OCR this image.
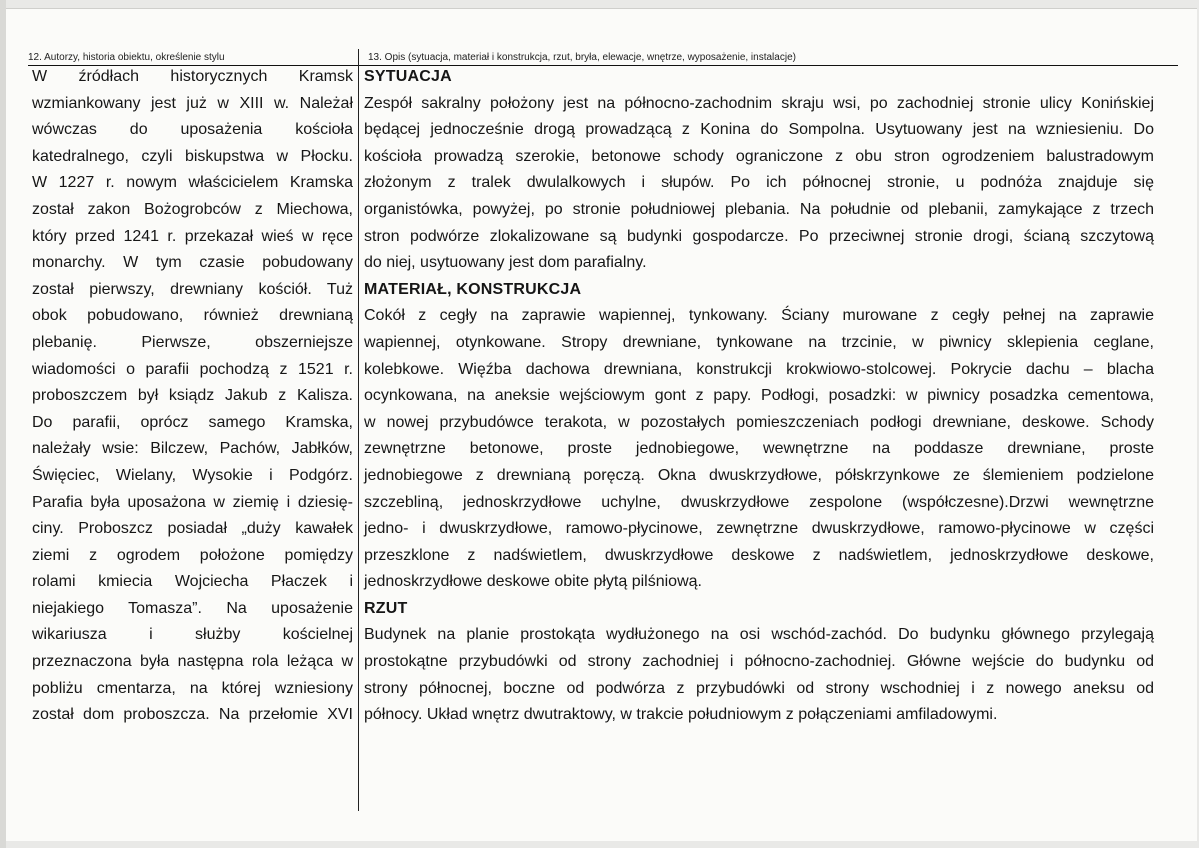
12. Autorzy, historia obiektu, określenie stylu	13. Opis (sytuacja, materiał i konstrukcja, rzut, bryła, elewacje, wnętrze, wyposażenie, instalacje)
W źródłach historycznych Kramsk
wzmiankowany jest już w XIII w. Należał
wówczas do uposażenia kościoła
katedralnego, czyli biskupstwa w Płocku.
W 1227 r. nowym właścicielem Kramska
został zakon Bożogrobców z Miechowa,
który przed 1241 r. przekazał wieś w ręce
monarchy. W tym czasie pobudowany
został pierwszy, drewniany kościół. Tuż
obok pobudowano, również drewnianą
plebanię. Pierwsze, obszerniejsze
wiadomości o parafii pochodzą z 1521 r.
proboszczem był ksiądz Jakub z Kalisza.
Do parafii, oprócz samego Kramska,
należały wsie: Bilczew, Pachów, Jabłków,
Święciec, Wielany, Wysokie i Podgórz.
Parafia była uposażona w ziemię i dziesię-
ciny. Proboszcz posiadał „duży kawałek
ziemi z ogrodem położone pomiędzy
rolami kmiecia Wojciecha Płaczek i
niejakiego Tomasza”. Na uposażenie
wikariusza i służby kościelnej
przeznaczona była następna rola leżąca w
pobliżu cmentarza, na której wzniesiony
został dom proboszcza. Na przełomie XVI
SYTUACJA
Zespół sakralny położony jest na północno-zachodnim skraju wsi, po zachodniej stronie ulicy Konińskiej
będącej jednocześnie drogą prowadzącą z Konina do Sompolna. Usytuowany jest na wzniesieniu. Do
kościoła prowadzą szerokie, betonowe schody ograniczone z obu stron ogrodzeniem balustradowym
złożonym z tralek dwulalkowych i słupów. Po ich północnej stronie, u podnóża znajduje się
organistówka, powyżej, po stronie południowej plebania. Na południe od plebanii, zamykające z trzech
stron podwórze zlokalizowane są budynki gospodarcze. Po przeciwnej stronie drogi, ścianą szczytową
do niej, usytuowany jest dom parafialny.
MATERIAŁ, KONSTRUKCJA
Cokół z cegły na zaprawie wapiennej, tynkowany. Ściany murowane z cegły pełnej na zaprawie
wapiennej, otynkowane. Stropy drewniane, tynkowane na trzcinie, w piwnicy sklepienia ceglane,
kolebkowe. Więźba dachowa drewniana, konstrukcji krokwiowo-stolcowej. Pokrycie dachu – blacha
ocynkowana, na aneksie wejściowym gont z papy. Podłogi, posadzki: w piwnicy posadzka cementowa,
w nowej przybudówce terakota, w pozostałych pomieszczeniach podłogi drewniane, deskowe. Schody
zewnętrzne betonowe, proste jednobiegowe, wewnętrzne na poddasze drewniane, proste
jednobiegowe z drewnianą poręczą. Okna dwuskrzydłowe, półskrzynkowe ze ślemieniem podzielone
szczebliną, jednoskrzydłowe uchylne, dwuskrzydłowe zespolone (współczesne).Drzwi wewnętrzne
jedno- i dwuskrzydłowe, ramowo-płycinowe, zewnętrzne dwuskrzydłowe, ramowo-płycinowe w części
przeszklone z nadświetlem, dwuskrzydłowe deskowe z nadświetlem, jednoskrzydłowe deskowe,
jednoskrzydłowe deskowe obite płytą pilśniową.
RZUT
Budynek na planie prostokąta wydłużonego na osi wschód-zachód. Do budynku głównego przylegają
prostokątne przybudówki od strony zachodniej i północno-zachodniej. Główne wejście do budynku od
strony północnej, boczne od podwórza z przybudówki od strony wschodniej i z nowego aneksu od
północy. Układ wnętrz dwutraktowy, w trakcie południowym z połączeniami amfiladowymi.
